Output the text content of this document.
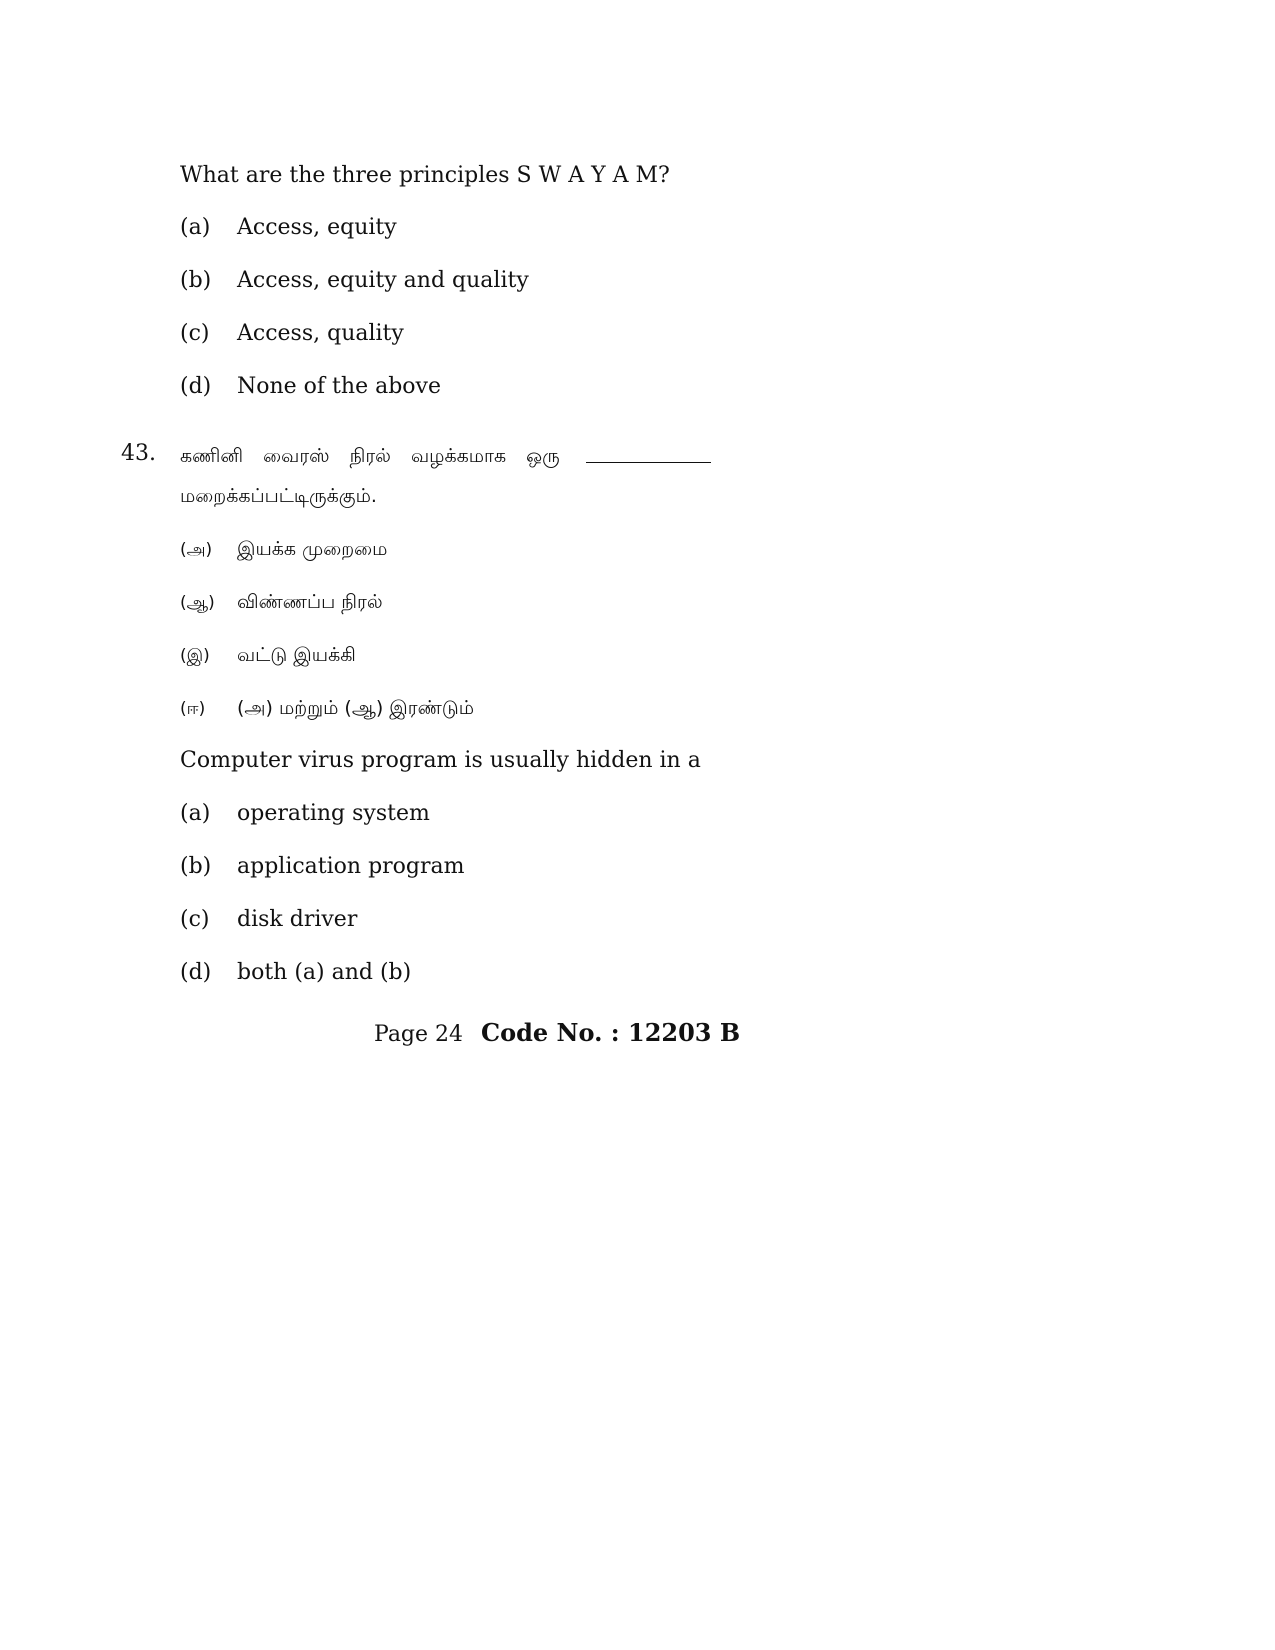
What are the three principles S W A Y A M?
(a) Access, equity
(b) Access, equity and quality
(c) Access, quality
(d) None of the above
43. கணினி வைரஸ் நிரல் வழக்கமாக ஒரு
மறைக்கப்பட்டிருக்கும்.
(அ) இயக்க முறைமை
(ஆ) விண்ணப்ப நிரல்
(இ) வட்டு இயக்கி
(ஈ) (அ) மற்றும் (ஆ) இரண்டும்
Computer virus program is usually hidden in a
(a) operating system
(b) application program
(c) disk driver
(d) both (a) and (b)
Page 24 Code No. : 12203 B
